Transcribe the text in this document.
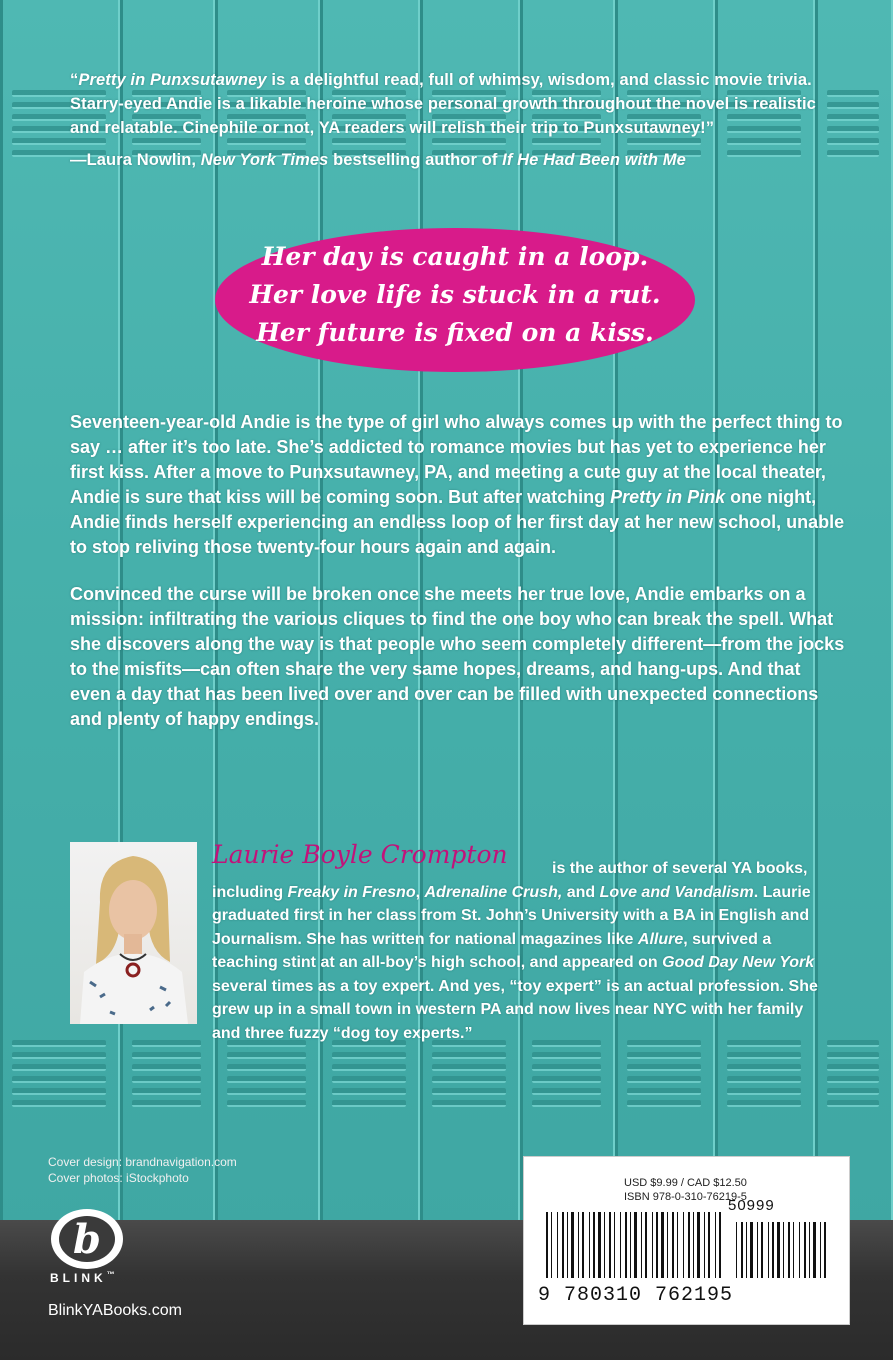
“Pretty in Punxsutawney is a delightful read, full of whimsy, wisdom, and classic movie trivia. Starry-eyed Andie is a likable heroine whose personal growth throughout the novel is realistic and relatable. Cinephile or not, YA readers will relish their trip to Punxsutawney!”
—Laura Nowlin, New York Times bestselling author of If He Had Been with Me
Her day is caught in a loop.
Her love life is stuck in a rut.
Her future is fixed on a kiss.

Seventeen-year-old Andie is the type of girl who always comes up with the perfect thing to say … after it’s too late. She’s addicted to romance movies but has yet to experience her first kiss. After a move to Punxsutawney, PA, and meeting a cute guy at the local theater, Andie is sure that kiss will be coming soon. But after watching Pretty in Pink one night, Andie finds herself experiencing an endless loop of her first day at her new school, unable to stop reliving those twenty-four hours again and again.

Convinced the curse will be broken once she meets her true love, Andie embarks on a mission: infiltrating the various cliques to find the one boy who can break the spell. What she discovers along the way is that people who seem completely different—from the jocks to the misfits—can often share the very same hopes, dreams, and hang-ups. And that even a day that has been lived over and over can be filled with unexpected connections and plenty of happy endings.

Laurie Boyle Crompton	is the author of several YA books, including Freaky in Fresno, Adrenaline Crush, and Love and Vandalism. Laurie graduated first in her class from St. John’s University with a BA in English and Journalism. She has written for national magazines like Allure, survived a teaching stint at an all-boy’s high school, and appeared on Good Day New York several times as a toy expert. And yes, “toy expert” is an actual profession. She grew up in a small town in western PA and now lives near NYC with her family and three fuzzy “dog toy experts.”
Cover design: brandnavigation.com
Cover photos: iStockphoto
b
BLINK™
BlinkYABooks.com
USD $9.99 / CAD $12.50
ISBN 978-0-310-76219-5
50999
9 780310 762195
